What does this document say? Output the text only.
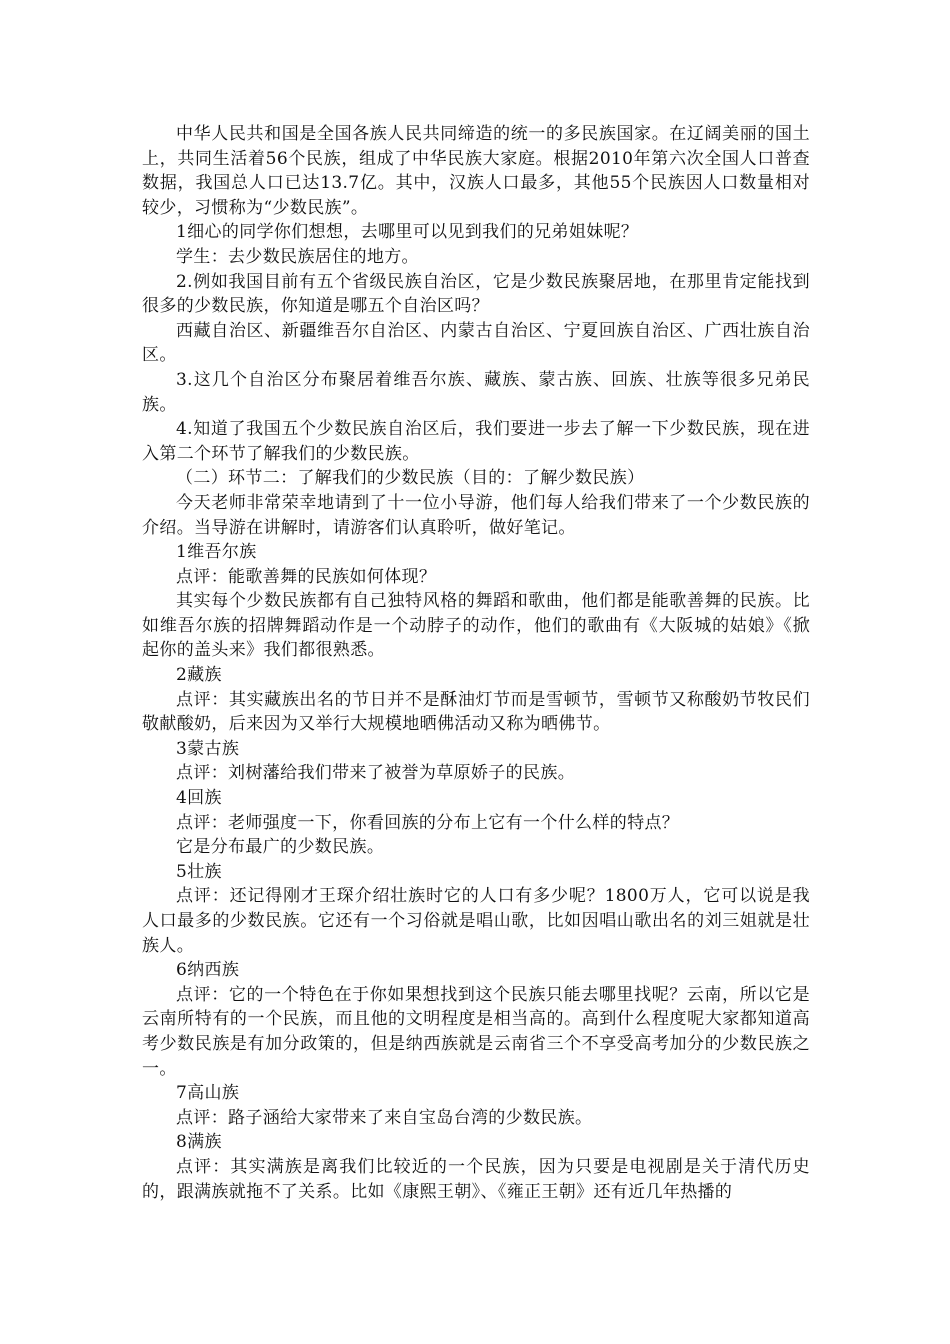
中华人民共和国是全国各族人民共同缔造的统一的多民族国家。在辽阔美丽的国土上，共同生活着56个民族，组成了中华民族大家庭。根据2010年第六次全国人口普查数据，我国总人口已达13.7亿。其中，汉族人口最多，其他55个民族因人口数量相对较少，习惯称为“少数民族”。

1细心的同学你们想想，去哪里可以见到我们的兄弟姐妹呢？

学生：去少数民族居住的地方。

2.例如我国目前有五个省级民族自治区，它是少数民族聚居地，在那里肯定能找到很多的少数民族，你知道是哪五个自治区吗？

西藏自治区、新疆维吾尔自治区、内蒙古自治区、宁夏回族自治区、广西壮族自治区。

3.这几个自治区分布聚居着维吾尔族、藏族、蒙古族、回族、壮族等很多兄弟民族。

4.知道了我国五个少数民族自治区后，我们要进一步去了解一下少数民族，现在进入第二个环节了解我们的少数民族。

（二）环节二：了解我们的少数民族（目的：了解少数民族）

今天老师非常荣幸地请到了十一位小导游，他们每人给我们带来了一个少数民族的介绍。当导游在讲解时，请游客们认真聆听，做好笔记。

1维吾尔族

点评：能歌善舞的民族如何体现？

其实每个少数民族都有自己独特风格的舞蹈和歌曲，他们都是能歌善舞的民族。比如维吾尔族的招牌舞蹈动作是一个动脖子的动作，他们的歌曲有《大阪城的姑娘》《掀起你的盖头来》我们都很熟悉。

2藏族

点评：其实藏族出名的节日并不是酥油灯节而是雪顿节，雪顿节又称酸奶节牧民们敬献酸奶，后来因为又举行大规模地晒佛活动又称为晒佛节。

3蒙古族

点评：刘树藩给我们带来了被誉为草原娇子的民族。

4回族

点评：老师强度一下，你看回族的分布上它有一个什么样的特点？

它是分布最广的少数民族。

5壮族

点评：还记得刚才王琛介绍壮族时它的人口有多少呢？1800万人，它可以说是我人口最多的少数民族。它还有一个习俗就是唱山歌，比如因唱山歌出名的刘三姐就是壮族人。

6纳西族

点评：它的一个特色在于你如果想找到这个民族只能去哪里找呢？云南，所以它是云南所特有的一个民族，而且他的文明程度是相当高的。高到什么程度呢大家都知道高考少数民族是有加分政策的，但是纳西族就是云南省三个不享受高考加分的少数民族之一。

7高山族

点评：路子涵给大家带来了来自宝岛台湾的少数民族。

8满族

点评：其实满族是离我们比较近的一个民族，因为只要是电视剧是关于清代历史的，跟满族就拖不了关系。比如《康熙王朝》、《雍正王朝》还有近几年热播的
